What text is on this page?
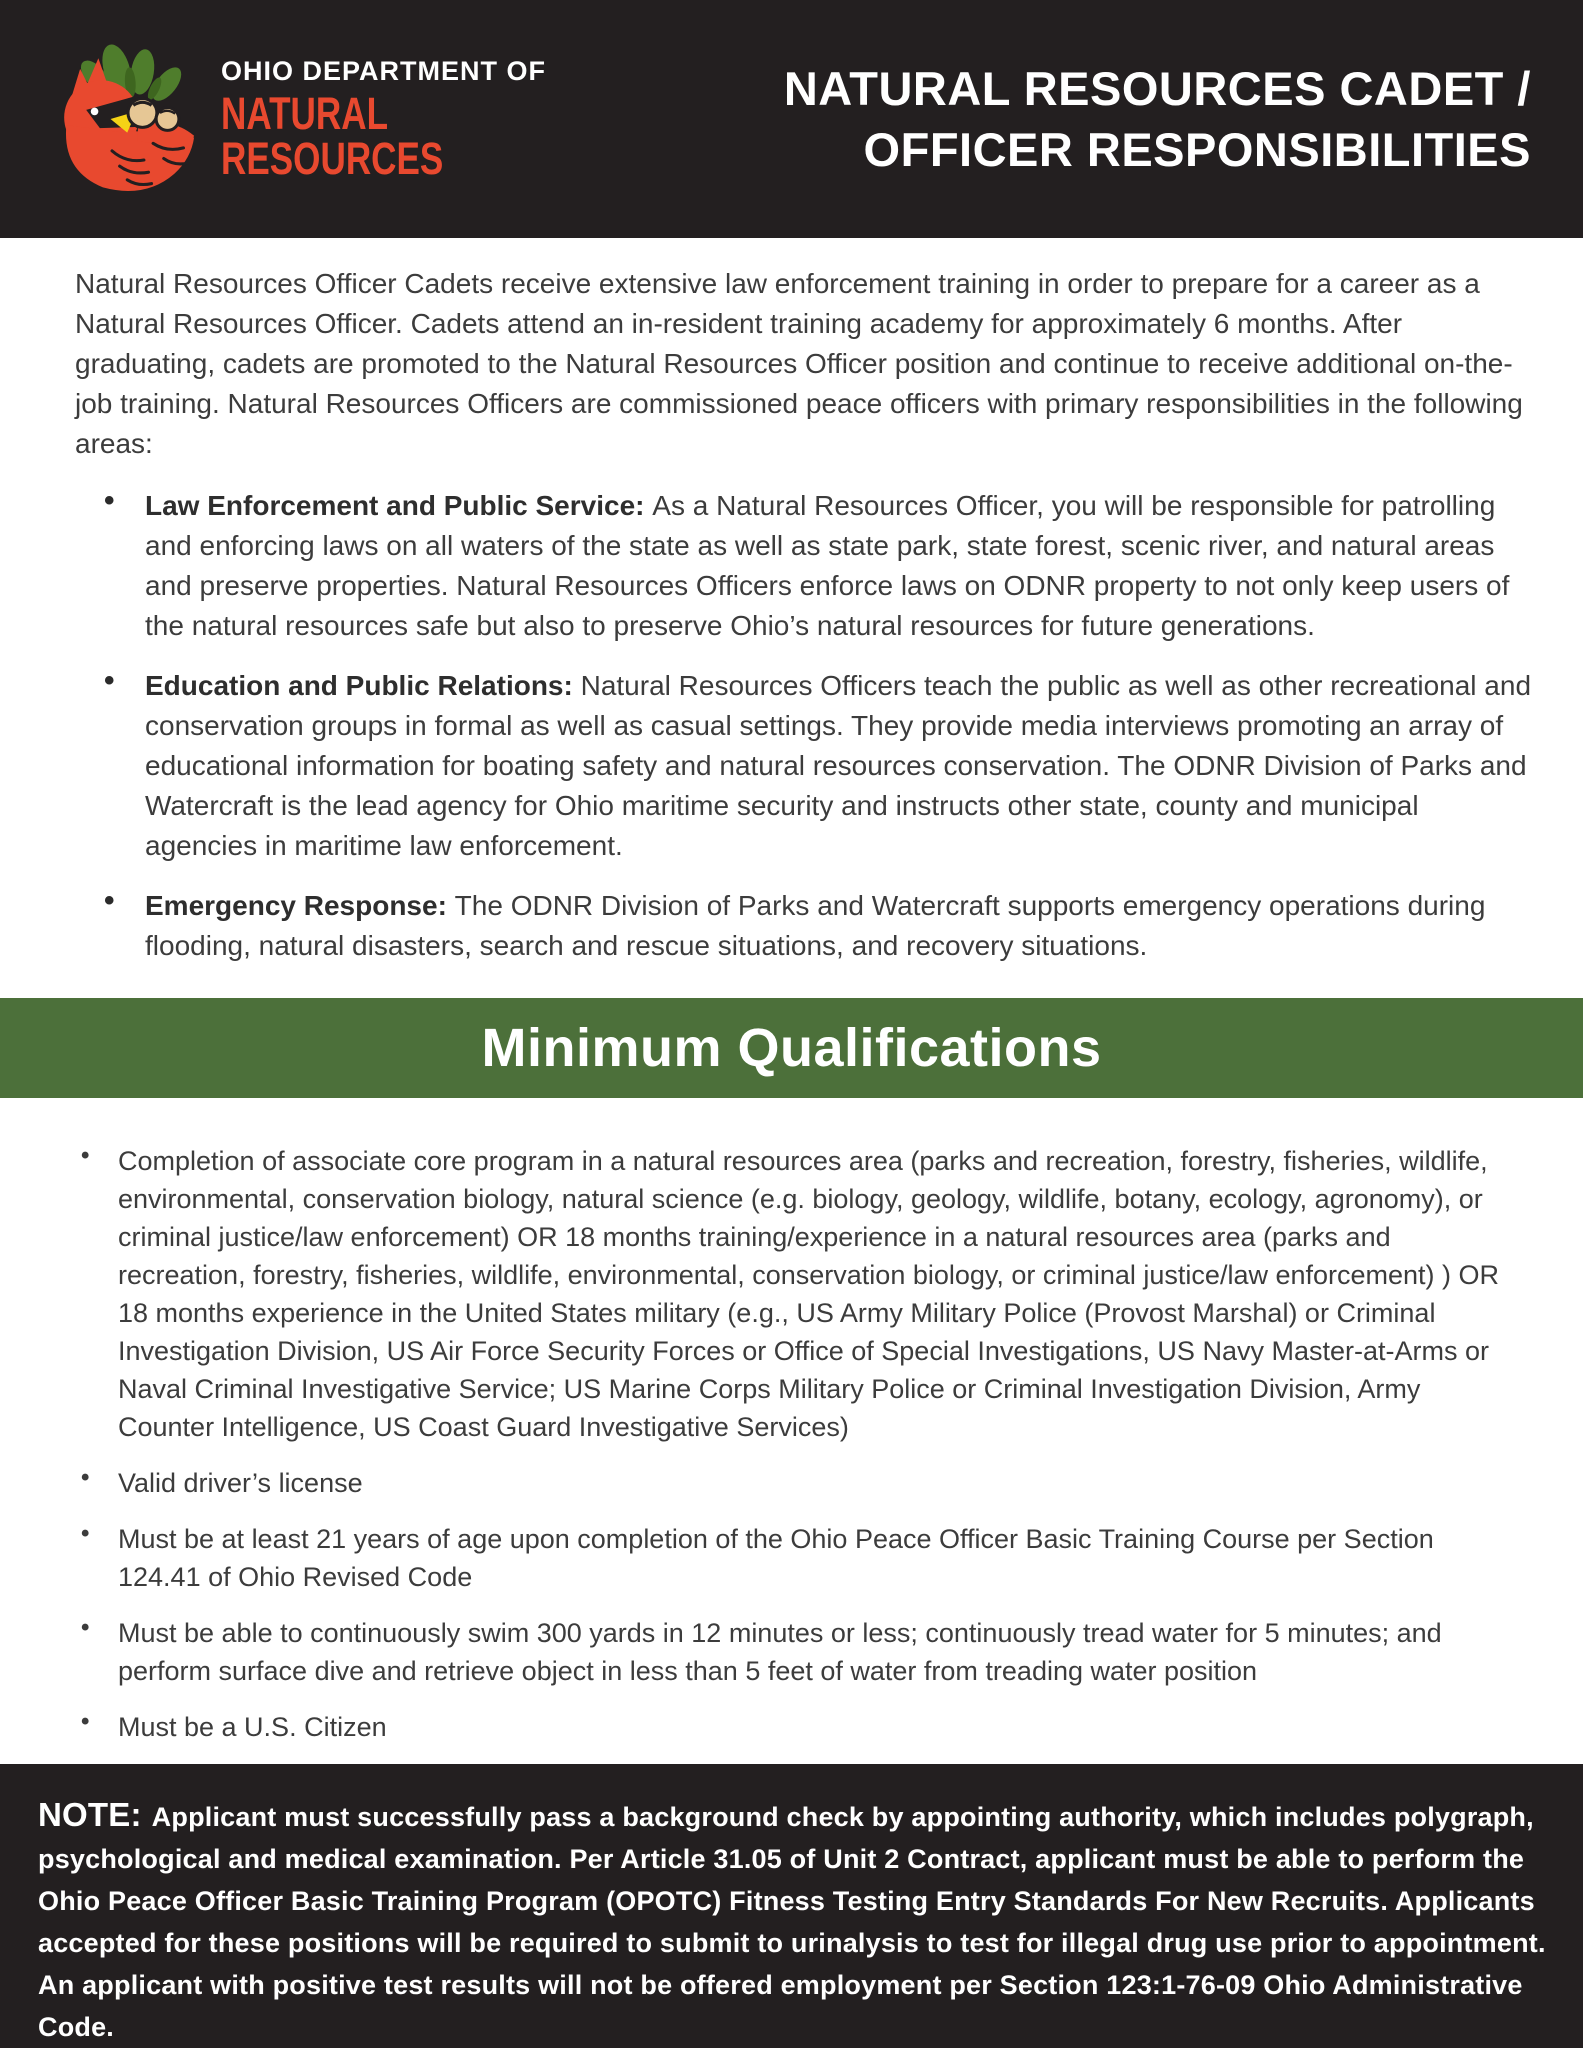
OHIO DEPARTMENT OF
NATURAL
RESOURCES
NATURAL RESOURCES CADET /
OFFICER RESPONSIBILITIES

Natural Resources Officer Cadets receive extensive law enforcement training in order to prepare for a career as a Natural Resources Officer. Cadets attend an in-resident training academy for approximately 6 months. After graduating, cadets are promoted to the Natural Resources Officer position and continue to receive additional on-the-job training. Natural Resources Officers are commissioned peace officers with primary responsibilities in the following areas:

• Law Enforcement and Public Service: As a Natural Resources Officer, you will be responsible for patrolling and enforcing laws on all waters of the state as well as state park, state forest, scenic river, and natural areas and preserve properties. Natural Resources Officers enforce laws on ODNR property to not only keep users of the natural resources safe but also to preserve Ohio’s natural resources for future generations.
• Education and Public Relations: Natural Resources Officers teach the public as well as other recreational and conservation groups in formal as well as casual settings. They provide media interviews promoting an array of educational information for boating safety and natural resources conservation. The ODNR Division of Parks and Watercraft is the lead agency for Ohio maritime security and instructs other state, county and municipal agencies in maritime law enforcement.
• Emergency Response: The ODNR Division of Parks and Watercraft supports emergency operations during flooding, natural disasters, search and rescue situations, and recovery situations.
Minimum Qualifications
• Completion of associate core program in a natural resources area (parks and recreation, forestry, fisheries, wildlife, environmental, conservation biology, natural science (e.g. biology, geology, wildlife, botany, ecology, agronomy), or criminal justice/law enforcement) OR 18 months training/experience in a natural resources area (parks and recreation, forestry, fisheries, wildlife, environmental, conservation biology, or criminal justice/law enforcement) ) OR 18 months experience in the United States military (e.g., US Army Military Police (Provost Marshal) or Criminal Investigation Division, US Air Force Security Forces or Office of Special Investigations, US Navy Master-at-Arms or Naval Criminal Investigative Service; US Marine Corps Military Police or Criminal Investigation Division, Army Counter Intelligence, US Coast Guard Investigative Services)
• Valid driver’s license
• Must be at least 21 years of age upon completion of the Ohio Peace Officer Basic Training Course per Section 124.41 of Ohio Revised Code
• Must be able to continuously swim 300 yards in 12 minutes or less; continuously tread water for 5 minutes; and perform surface dive and retrieve object in less than 5 feet of water from treading water position
• Must be a U.S. Citizen

NOTE: Applicant must successfully pass a background check by appointing authority, which includes polygraph, psychological and medical examination. Per Article 31.05 of Unit 2 Contract, applicant must be able to perform the Ohio Peace Officer Basic Training Program (OPOTC) Fitness Testing Entry Standards For New Recruits. Applicants accepted for these positions will be required to submit to urinalysis to test for illegal drug use prior to appointment. An applicant with positive test results will not be offered employment per Section 123:1-76-09 Ohio Administrative Code.
